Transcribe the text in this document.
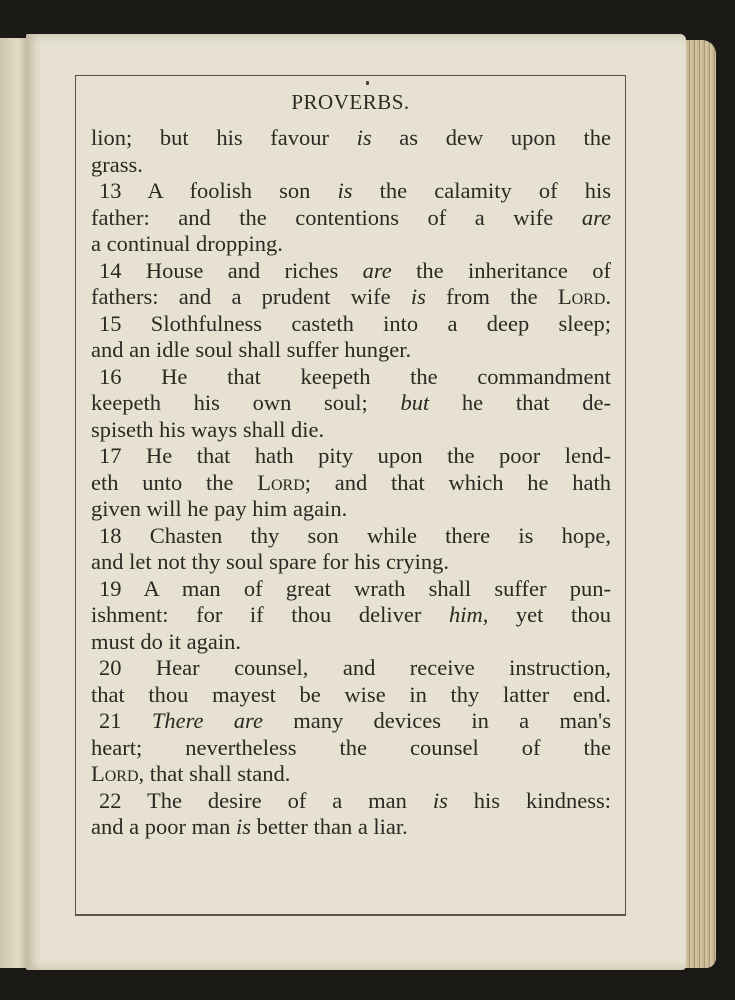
PROVERBS.
lion; but his favour is as dew upon the
grass.
13 A foolish son is the calamity of his
father: and the contentions of a wife are
a continual dropping.
14 House and riches are the inheritance of
fathers: and a prudent wife is from the Lord.
15 Slothfulness casteth into a deep sleep;
and an idle soul shall suffer hunger.
16 He that keepeth the commandment
keepeth his own soul; but he that de-
spiseth his ways shall die.
17 He that hath pity upon the poor lend-
eth unto the Lord; and that which he hath
given will he pay him again.
18 Chasten thy son while there is hope,
and let not thy soul spare for his crying.
19 A man of great wrath shall suffer pun-
ishment: for if thou deliver him, yet thou
must do it again.
20 Hear counsel, and receive instruction,
that thou mayest be wise in thy latter end.
21 There are many devices in a man's
heart; nevertheless the counsel of the
Lord, that shall stand.
22 The desire of a man is his kindness:
and a poor man is better than a liar.
